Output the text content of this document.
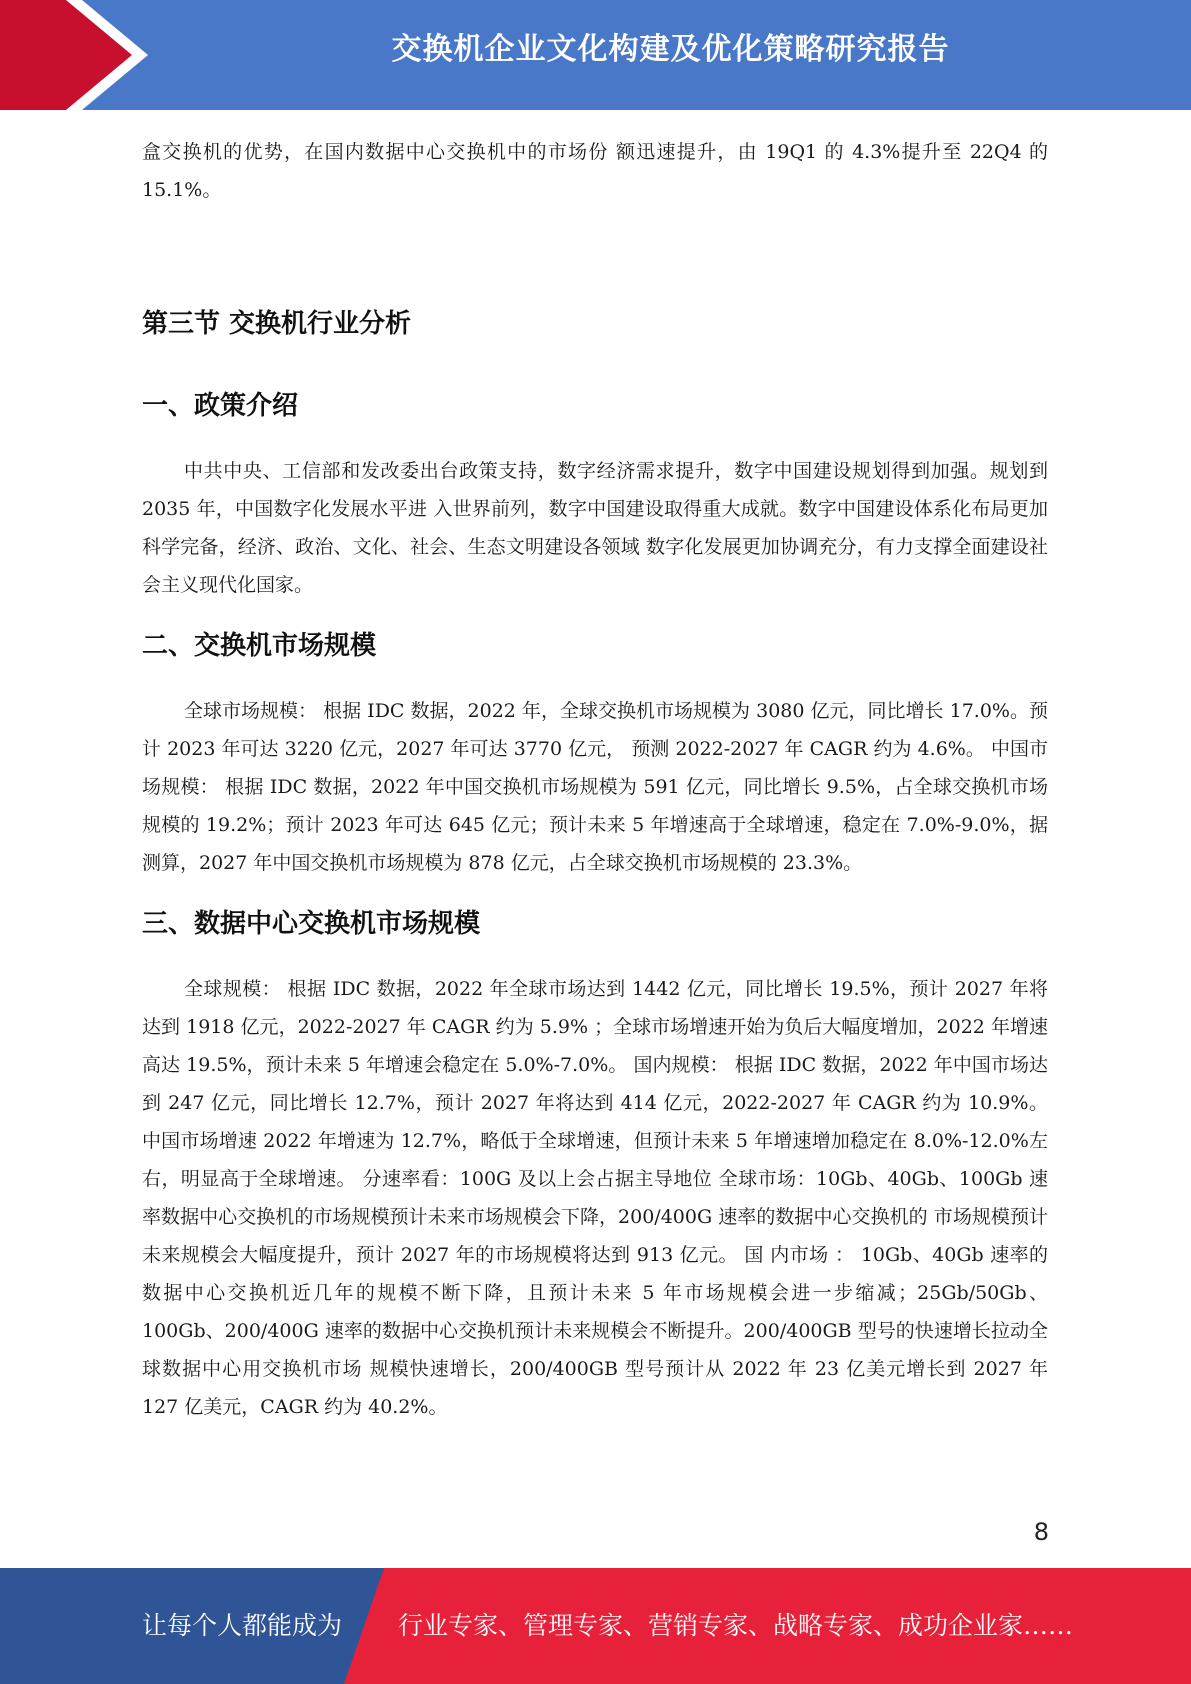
交换机企业文化构建及优化策略研究报告

盒交换机的优势，在国内数据中心交换机中的市场份 额迅速提升，由 19Q1 的 4.3%提升至 22Q4 的 15.1%。

第三节 交换机行业分析
一、政策介绍

中共中央、工信部和发改委出台政策支持，数字经济需求提升，数字中国建设规划得到加强。规划到 2035 年，中国数字化发展水平进 入世界前列，数字中国建设取得重大成就。数字中国建设体系化布局更加科学完备，经济、政治、文化、社会、生态文明建设各领域 数字化发展更加协调充分，有力支撑全面建设社会主义现代化国家。

二、交换机市场规模

全球市场规模： 根据 IDC 数据，2022 年，全球交换机市场规模为 3080 亿元，同比增长 17.0%。预计 2023 年可达 3220 亿元，2027 年可达 3770 亿元， 预测 2022-2027 年 CAGR 约为 4.6%。 中国市场规模： 根据 IDC 数据，2022 年中国交换机市场规模为 591 亿元，同比增长 9.5%，占全球交换机市场规模的 19.2%；预计 2023 年可达 645 亿元；预计未来 5 年增速高于全球增速，稳定在 7.0%-9.0%，据测算，2027 年中国交换机市场规模为 878 亿元，占全球交换机市场规模的 23.3%。

三、数据中心交换机市场规模

全球规模： 根据 IDC 数据，2022 年全球市场达到 1442 亿元，同比增长 19.5%，预计 2027 年将达到 1918 亿元，2022-2027 年 CAGR 约为 5.9% ；全球市场增速开始为负后大幅度增加，2022 年增速高达 19.5%，预计未来 5 年增速会稳定在 5.0%-7.0%。 国内规模： 根据 IDC 数据，2022 年中国市场达到 247 亿元，同比增长 12.7%，预计 2027 年将达到 414 亿元，2022-2027 年 CAGR 约为 10.9%。 中国市场增速 2022 年增速为 12.7%，略低于全球增速，但预计未来 5 年增速增加稳定在 8.0%-12.0%左右，明显高于全球增速。 分速率看：100G 及以上会占据主导地位 全球市场：10Gb、40Gb、100Gb 速率数据中心交换机的市场规模预计未来市场规模会下降，200/400G 速率的数据中心交换机的 市场规模预计未来规模会大幅度提升，预计 2027 年的市场规模将达到 913 亿元。 国 内市场 ： 10Gb、40Gb 速率的数据中心交换机近几年的规模不断下降，且预计未来 5 年市场规模会进一步缩减；25Gb/50Gb、 100Gb、200/400G 速率的数据中心交换机预计未来规模会不断提升。200/400GB 型号的快速增长拉动全球数据中心用交换机市场 规模快速增长，200/400GB 型号预计从 2022 年 23 亿美元增长到 2027 年 127 亿美元，CAGR 约为 40.2%。

8
让每个人都能成为 行业专家、管理专家、营销专家、战略专家、成功企业家……
